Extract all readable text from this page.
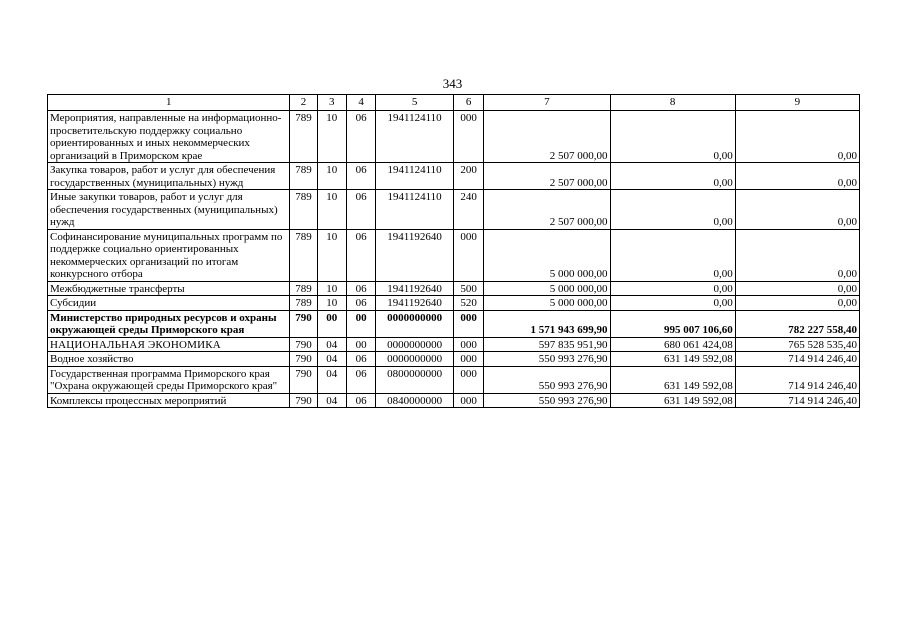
343
1	2	3	4	5	6	7	8	9
Мероприятия, направленные на информационно-просветительскую поддержку социально ориентированных и иных некоммерческих организаций в Приморском крае	789	10	06	1941124110	000	2 507 000,00	0,00	0,00
Закупка товаров, работ и услуг для обеспечения государственных (муниципальных) нужд	789	10	06	1941124110	200	2 507 000,00	0,00	0,00
Иные закупки товаров, работ и услуг для обеспечения государственных (муниципальных) нужд	789	10	06	1941124110	240	2 507 000,00	0,00	0,00
Софинансирование муниципальных программ по поддержке социально ориентированных некоммерческих организаций по итогам конкурсного отбора	789	10	06	1941192640	000	5 000 000,00	0,00	0,00
Межбюджетные трансферты	789	10	06	1941192640	500	5 000 000,00	0,00	0,00
Субсидии	789	10	06	1941192640	520	5 000 000,00	0,00	0,00
Министерство природных ресурсов и охраны окружающей среды Приморского края	790	00	00	0000000000	000	1 571 943 699,90	995 007 106,60	782 227 558,40
НАЦИОНАЛЬНАЯ ЭКОНОМИКА	790	04	00	0000000000	000	597 835 951,90	680 061 424,08	765 528 535,40
Водное хозяйство	790	04	06	0000000000	000	550 993 276,90	631 149 592,08	714 914 246,40
Государственная программа Приморского края "Охрана окружающей среды Приморского края"	790	04	06	0800000000	000	550 993 276,90	631 149 592,08	714 914 246,40
Комплексы процессных мероприятий	790	04	06	0840000000	000	550 993 276,90	631 149 592,08	714 914 246,40
